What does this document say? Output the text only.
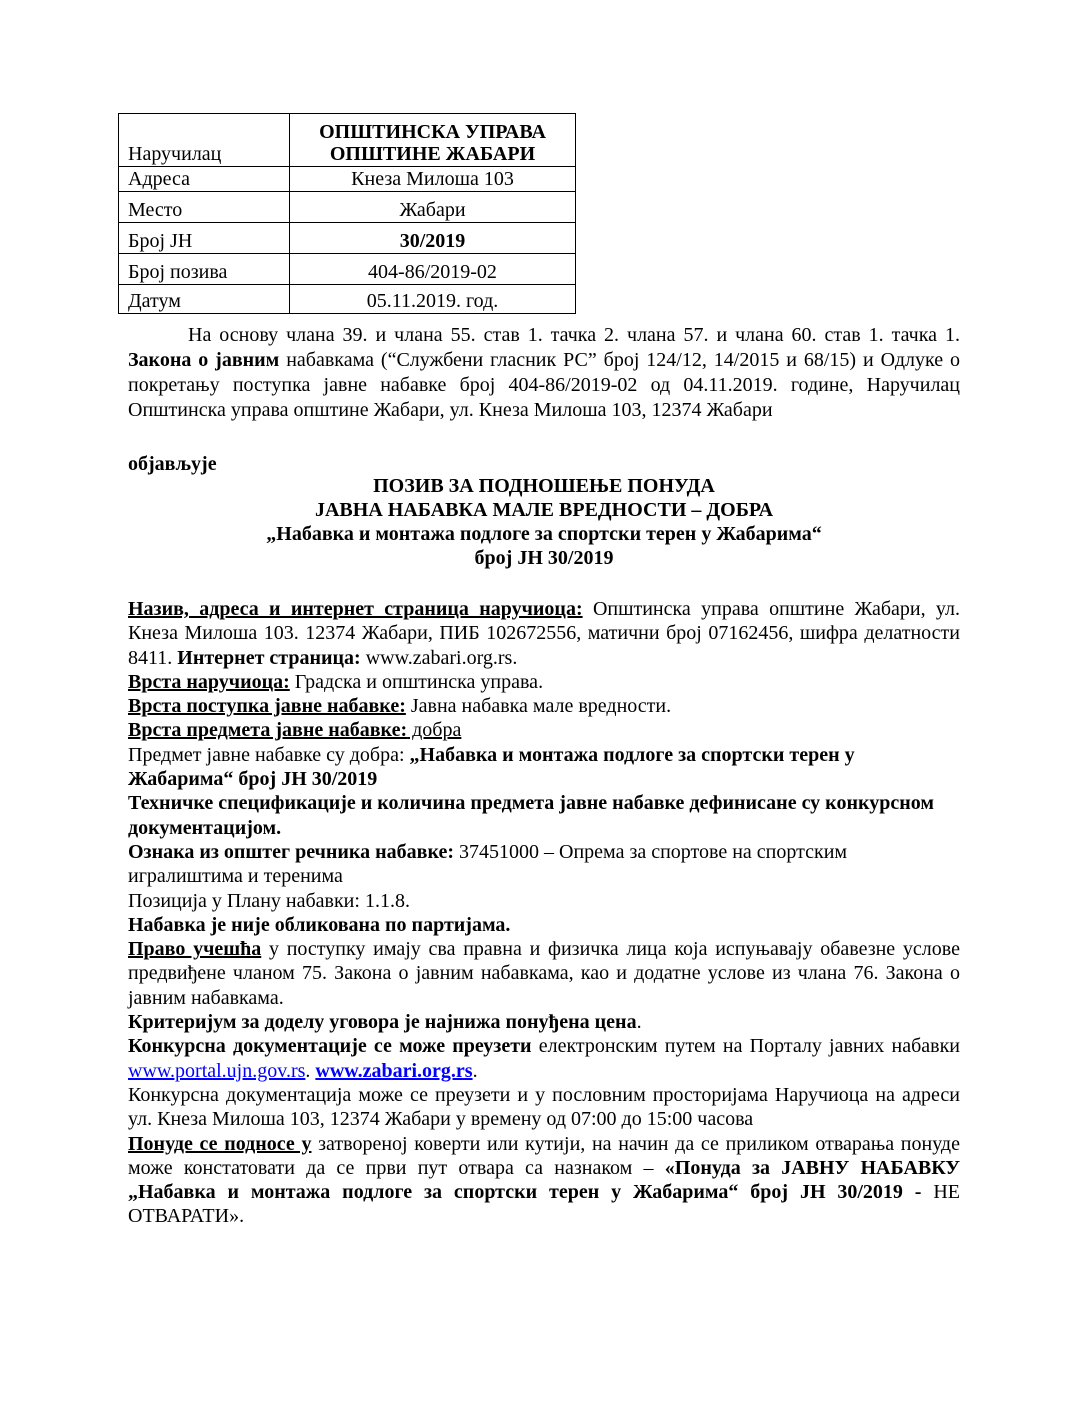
Наручилац	ОПШТИНСКА УПРАВА
ОПШТИНЕ ЖАБАРИ

Адреса	Кнеза Милоша 103
Место	Жабари
Број ЈН	30/2019
Број позива	404-86/2019-02
Датум	05.11.2019. год.

На основу члана 39. и члана 55. став 1. тачка 2. члана 57. и члана 60. став 1. тачка 1. Закона о јавним набавкама (“Службени гласник РС” број 124/12, 14/2015 и 68/15) и Одлуке о покретању поступка јавне набавке број 404-86/2019-02 од 04.11.2019. године, Наручилац Општинска управа општине Жабари, ул. Кнеза Милоша 103, 12374 Жабари

објављује

ПОЗИВ ЗА ПОДНОШЕЊЕ ПОНУДА
ЈАВНА НАБАВКА МАЛЕ ВРЕДНОСТИ – ДОБРА
„Набавка и монтажа подлоге за спортски терен у Жабарима“
број ЈН 30/2019

Назив, адреса и интернет страница наручиоца: Општинска управа општине Жабари, ул. Кнеза Милоша 103. 12374 Жабари, ПИБ 102672556, матични број 07162456, шифра делатности 8411. Интернет страница: www.zabari.org.rs.

Врста наручиоца: Градска и општинска управа.

Врста поступка јавне набавке: Јавна набавка мале вредности.

Врста предмета јавне набавке: добра

Предмет јавне набавке су добра: „Набавка и монтажа подлоге за спортски терен у Жабарима“ број ЈН 30/2019

Техничке спецификације и количина предмета јавне набавке дефинисане су конкурсном документацијом.

Ознака из општег речника набавке: 37451000 – Опрема за спортове на спортским игралиштима и теренима

Позиција у Плану набавки: 1.1.8.

Набавка је није обликована по партијама.

Право учешћа у поступку имају сва правна и физичка лица која испуњавају обавезне услове предвиђене чланом 75. Закона о јавним набавкама, као и додатне услове из члана 76. Закона о јавним набавкама.

Критеријум за доделу уговора је најнижа понуђена цена.

Конкурсна документације се може преузети електронским путем на Порталу јавних набавки www.portal.ujn.gov.rs. www.zabari.org.rs.

Конкурсна документација може се преузети и у пословним просторијама Наручиоца на адреси ул. Кнеза Милоша 103, 12374 Жабари у времену од 07:00 до 15:00 часова

Понуде се подносе у затвореној коверти или кутији, на начин да се приликом отварања понуде може констатовати да се први пут отвара са назнаком – «Понуда за ЈАВНУ НАБАВКУ „Набавка и монтажа подлоге за спортски терен у Жабарима“ број ЈН 30/2019 - НЕ ОТВАРАТИ».
